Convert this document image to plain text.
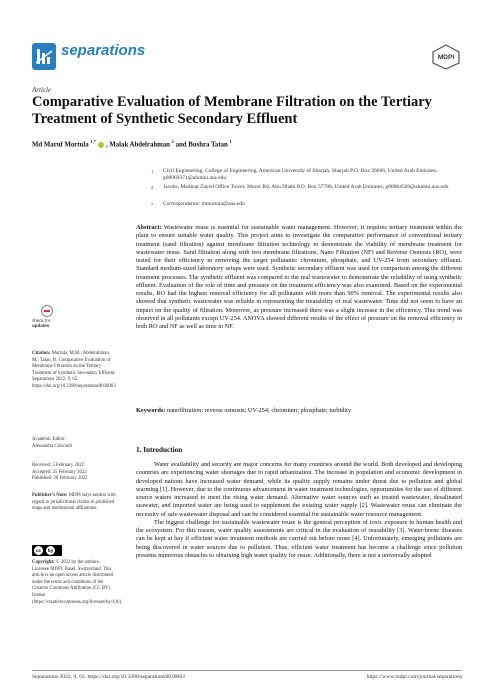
separations	MDPI
Article
Comparative Evaluation of Membrane Filtration on the Tertiary Treatment of Synthetic Secondary Effluent
Md Maruf Mortula $^{1,*}$ , Malak Abdelrahman $^2$ and Bushra Tatan $^1$
1 Civil Engineering, College of Engineering, American University of Sharjah, Sharjah P.O. Box 26666, United Arab Emirates; g00069371@alumni.aus.edu
2 Jacobs, Madinat Zayed Office Tower, Muror Rd, Abu Dhabi P.O. Box 57788, United Arab Emirates; g00064569@alumni.aus.edu
* Correspondence: mmortula@aus.edu
Abstract: Wastewater reuse is essential for sustainable water management. However, it requires tertiary treatment within the plant to ensure suitable water quality. This project aims to investigate the comparative performance of conventional tertiary treatment (sand filtration) against membrane filtration technology to demonstrate the viability of membrane treatment for wastewater reuse. Sand filtration along with two membrane filtrations, Nano Filtration (NF) and Reverse Osmosis (RO), were tested for their efficiency in removing the target pollutants: chromium, phosphate, and UV-254 from secondary effluent. Standard medium-sized laboratory setups were used. Synthetic secondary effluent was used for comparison among the different treatment processes. The synthetic effluent was compared to the real wastewater to demonstrate the reliability of using synthetic effluent. Evaluation of the role of time and pressure on the treatment efficiency was also examined. Based on the experimental results, RO had the highest removal efficiency for all pollutants with more than 90% removal. The experimental results also showed that synthetic wastewater was reliable in representing the treatability of real wastewater. Time did not seem to have an impact on the quality of filtration. Moreover, as pressure increased there was a slight increase in the efficiency. This trend was observed in all pollutants except UV-254. ANOVA showed different results of the effect of pressure on the removal efficiency in both RO and NF as well as time in NF.
Keywords: nanofiltration; reverse osmosis; UV-254; chromium; phosphate; turbidity
1. Introduction
Water availability and security are major concerns for many countries around the world. Both developed and developing countries are experiencing water shortages due to rapid urbanization. The increase in population and economic development in developed nations have increased water demand, while its quality supply remains under threat due to pollution and global warming [1]. However, due to the continuous advancement in water treatment technologies, opportunities for the use of different source waters increased to meet the rising water demand. Alternative water sources such as treated wastewater, desalinated seawater, and imported water are being used to supplement the existing water supply [2]. Wastewater reuse can eliminate the necessity of safe wastewater disposal and can be considered essential for sustainable water resource management.
The biggest challenge for sustainable wastewater reuse is the general perception of toxic exposure to human health and the ecosystem. For this reason, water quality assessments are critical in the evaluation of reusability [3]. Water-borne diseases can be kept at bay if efficient water treatment methods are carried out before reuse [4]. Unfortunately, emerging pollutants are being discovered in water sources due to pollution. Thus, efficient water treatment has become a challenge since pollution presents numerous obstacles to obtaining high water quality for reuse. Additionally, there is not a universally adopted
check for
updates
Citation: Mortula, M.M.; Abdelrahman, M.; Tatan, B. Comparative Evaluation of Membrane Filtration on the Tertiary Treatment of Synthetic Secondary Effluent. Separations 2022, 9, 63. https://doi.org/10.3390/separations9030063
Academic Editor:
Alessandra Criscuoli
Received: 5 February 2022
Accepted: 25 February 2022
Published: 28 February 2022
Publisher’s Note: MDPI stays neutral with regard to jurisdictional claims in published maps and institutional affiliations.
cc	by
Copyright: © 2022 by the authors. Licensee MDPI, Basel, Switzerland. This article is an open access article distributed under the terms and conditions of the Creative Commons Attribution (CC BY) license (https://creativecommons.org/licenses/by/4.0/).
Separations 2022, 9, 63. https://doi.org/10.3390/separations9030063	https://www.mdpi.com/journal/separations
